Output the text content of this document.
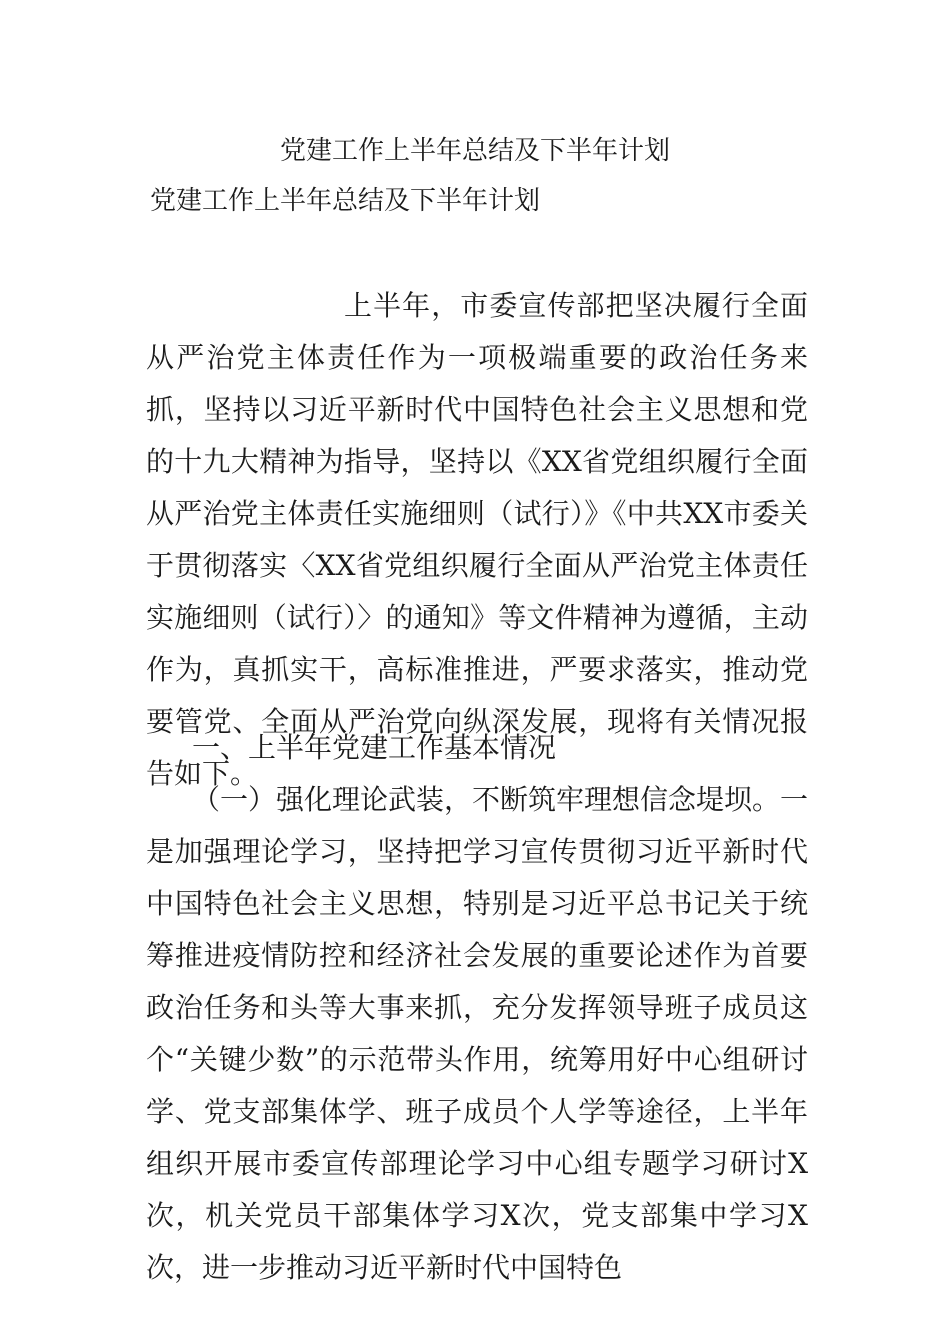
党建工作上半年总结及下半年计划
党建工作上半年总结及下半年计划

上半年，市委宣传部把坚决履行全面从严治党主体责任作为一项极端重要的政治任务来抓，坚持以习近平新时代中国特色社会主义思想和党的十九大精神为指导，坚持以《XX省党组织履行全面从严治党主体责任实施细则（试行）》《中共XX市委关于贯彻落实〈XX省党组织履行全面从严治党主体责任实施细则（试行）〉的通知》等文件精神为遵循，主动作为，真抓实干，高标准推进，严要求落实，推动党要管党、全面从严治党向纵深发展，现将有关情况报告如下。

一、上半年党建工作基本情况

（一）强化理论武装，不断筑牢理想信念堤坝。一是加强理论学习，坚持把学习宣传贯彻习近平新时代中国特色社会主义思想，特别是习近平总书记关于统筹推进疫情防控和经济社会发展的重要论述作为首要政治任务和头等大事来抓，充分发挥领导班子成员这个“关键少数”的示范带头作用，统筹用好中心组研讨学、党支部集体学、班子成员个人学等途径，上半年组织开展市委宣传部理论学习中心组专题学习研讨X次，机关党员干部集体学习X次，党支部集中学习X次，进一步推动习近平新时代中国特色
